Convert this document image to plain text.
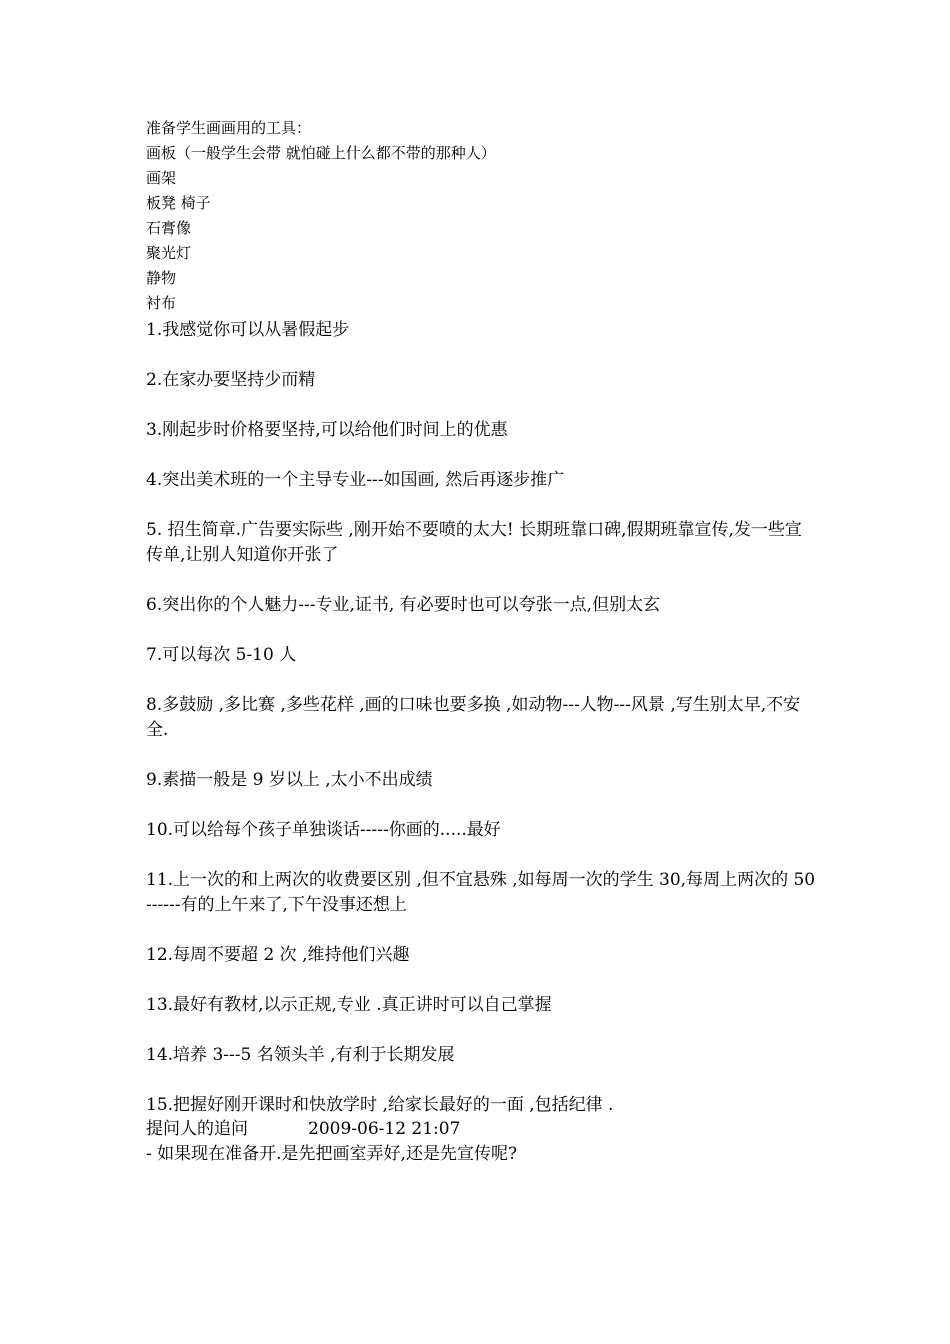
准备学生画画用的工具：
画板（一般学生会带 就怕碰上什么都不带的那种人）
画架
板凳 椅子
石膏像
聚光灯
静物
衬布
1.我感觉你可以从暑假起步
2.在家办要坚持少而精
3.刚起步时价格要坚持,可以给他们时间上的优惠
4.突出美术班的一个主导专业---如国画, 然后再逐步推广
5. 招生简章.广告要实际些 ,刚开始不要喷的太大! 长期班靠口碑,假期班靠宣传,发一些宣传单,让别人知道你开张了
6.突出你的个人魅力---专业,证书, 有必要时也可以夸张一点,但别太玄
7.可以每次 5-10 人
8.多鼓励 ,多比赛 ,多些花样 ,画的口味也要多换 ,如动物---人物---风景 ,写生别太早,不安全.
9.素描一般是 9 岁以上 ,太小不出成绩
10.可以给每个孩子单独谈话-----你画的.....最好
11.上一次的和上两次的收费要区别 ,但不宜悬殊 ,如每周一次的学生 30,每周上两次的 50 ------有的上午来了,下午没事还想上
12.每周不要超 2 次 ,维持他们兴趣
13.最好有教材,以示正规,专业 .真正讲时可以自己掌握
14.培养 3---5 名领头羊 ,有利于长期发展
15.把握好刚开课时和快放学时 ,给家长最好的一面 ,包括纪律 .
提问人的追问	2009-06-12 21:07
- 如果现在准备开.是先把画室弄好,还是先宣传呢?
